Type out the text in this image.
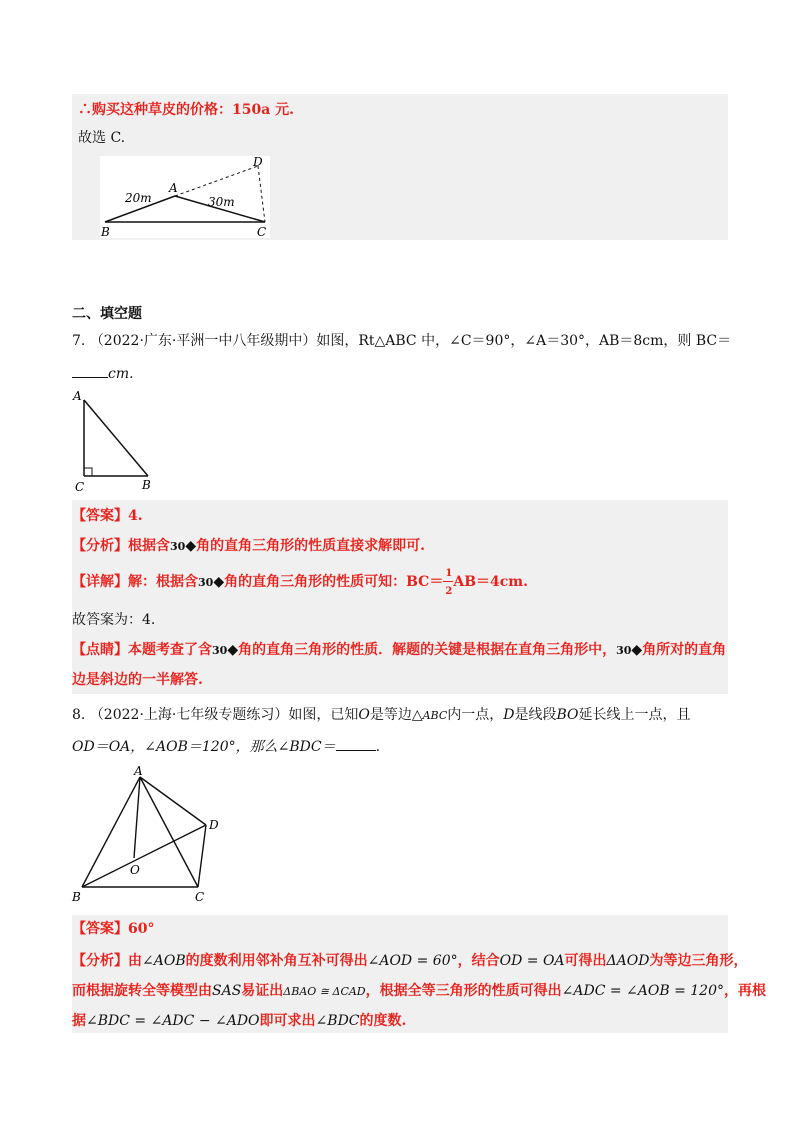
∴购买这种草皮的价格：150a 元.
故选 C.
D
A
20m	30m
B	C
二、填空题
7. （2022·广东·平洲一中八年级期中）如图，Rt△ABC 中，∠C＝90°，∠A＝30°，AB＝8cm，则 BC＝
cm.
A
C	B
【答案】4.
【分析】根据含30◆角的直角三角形的性质直接求解即可.
【详解】解：根据含30◆角的直角三角形的性质可知：$BC= \frac{1}{2} AB=4cm$.
故答案为：4.
【点睛】本题考查了含30◆角的直角三角形的性质．解题的关键是根据在直角三角形中，30◆角所对的直角
边是斜边的一半解答.
8. （2022·上海·七年级专题练习）如图，已知O是等边△ABC内一点，D是线段BO延长线上一点，且
OD＝OA，∠AOB＝120°，那么∠BDC＝	.
A
D
O
B	C
【答案】60°
【分析】由∠AOB的度数利用邻补角互补可得出∠AOD = 60°，结合OD = OA可得出ΔAOD为等边三角形，
而根据旋转全等模型由SAS易证出ΔBAO ≅ ΔCAD，根据全等三角形的性质可得出∠ADC = ∠AOB = 120°，再根
据∠BDC = ∠ADC − ∠ADO即可求出∠BDC的度数.
